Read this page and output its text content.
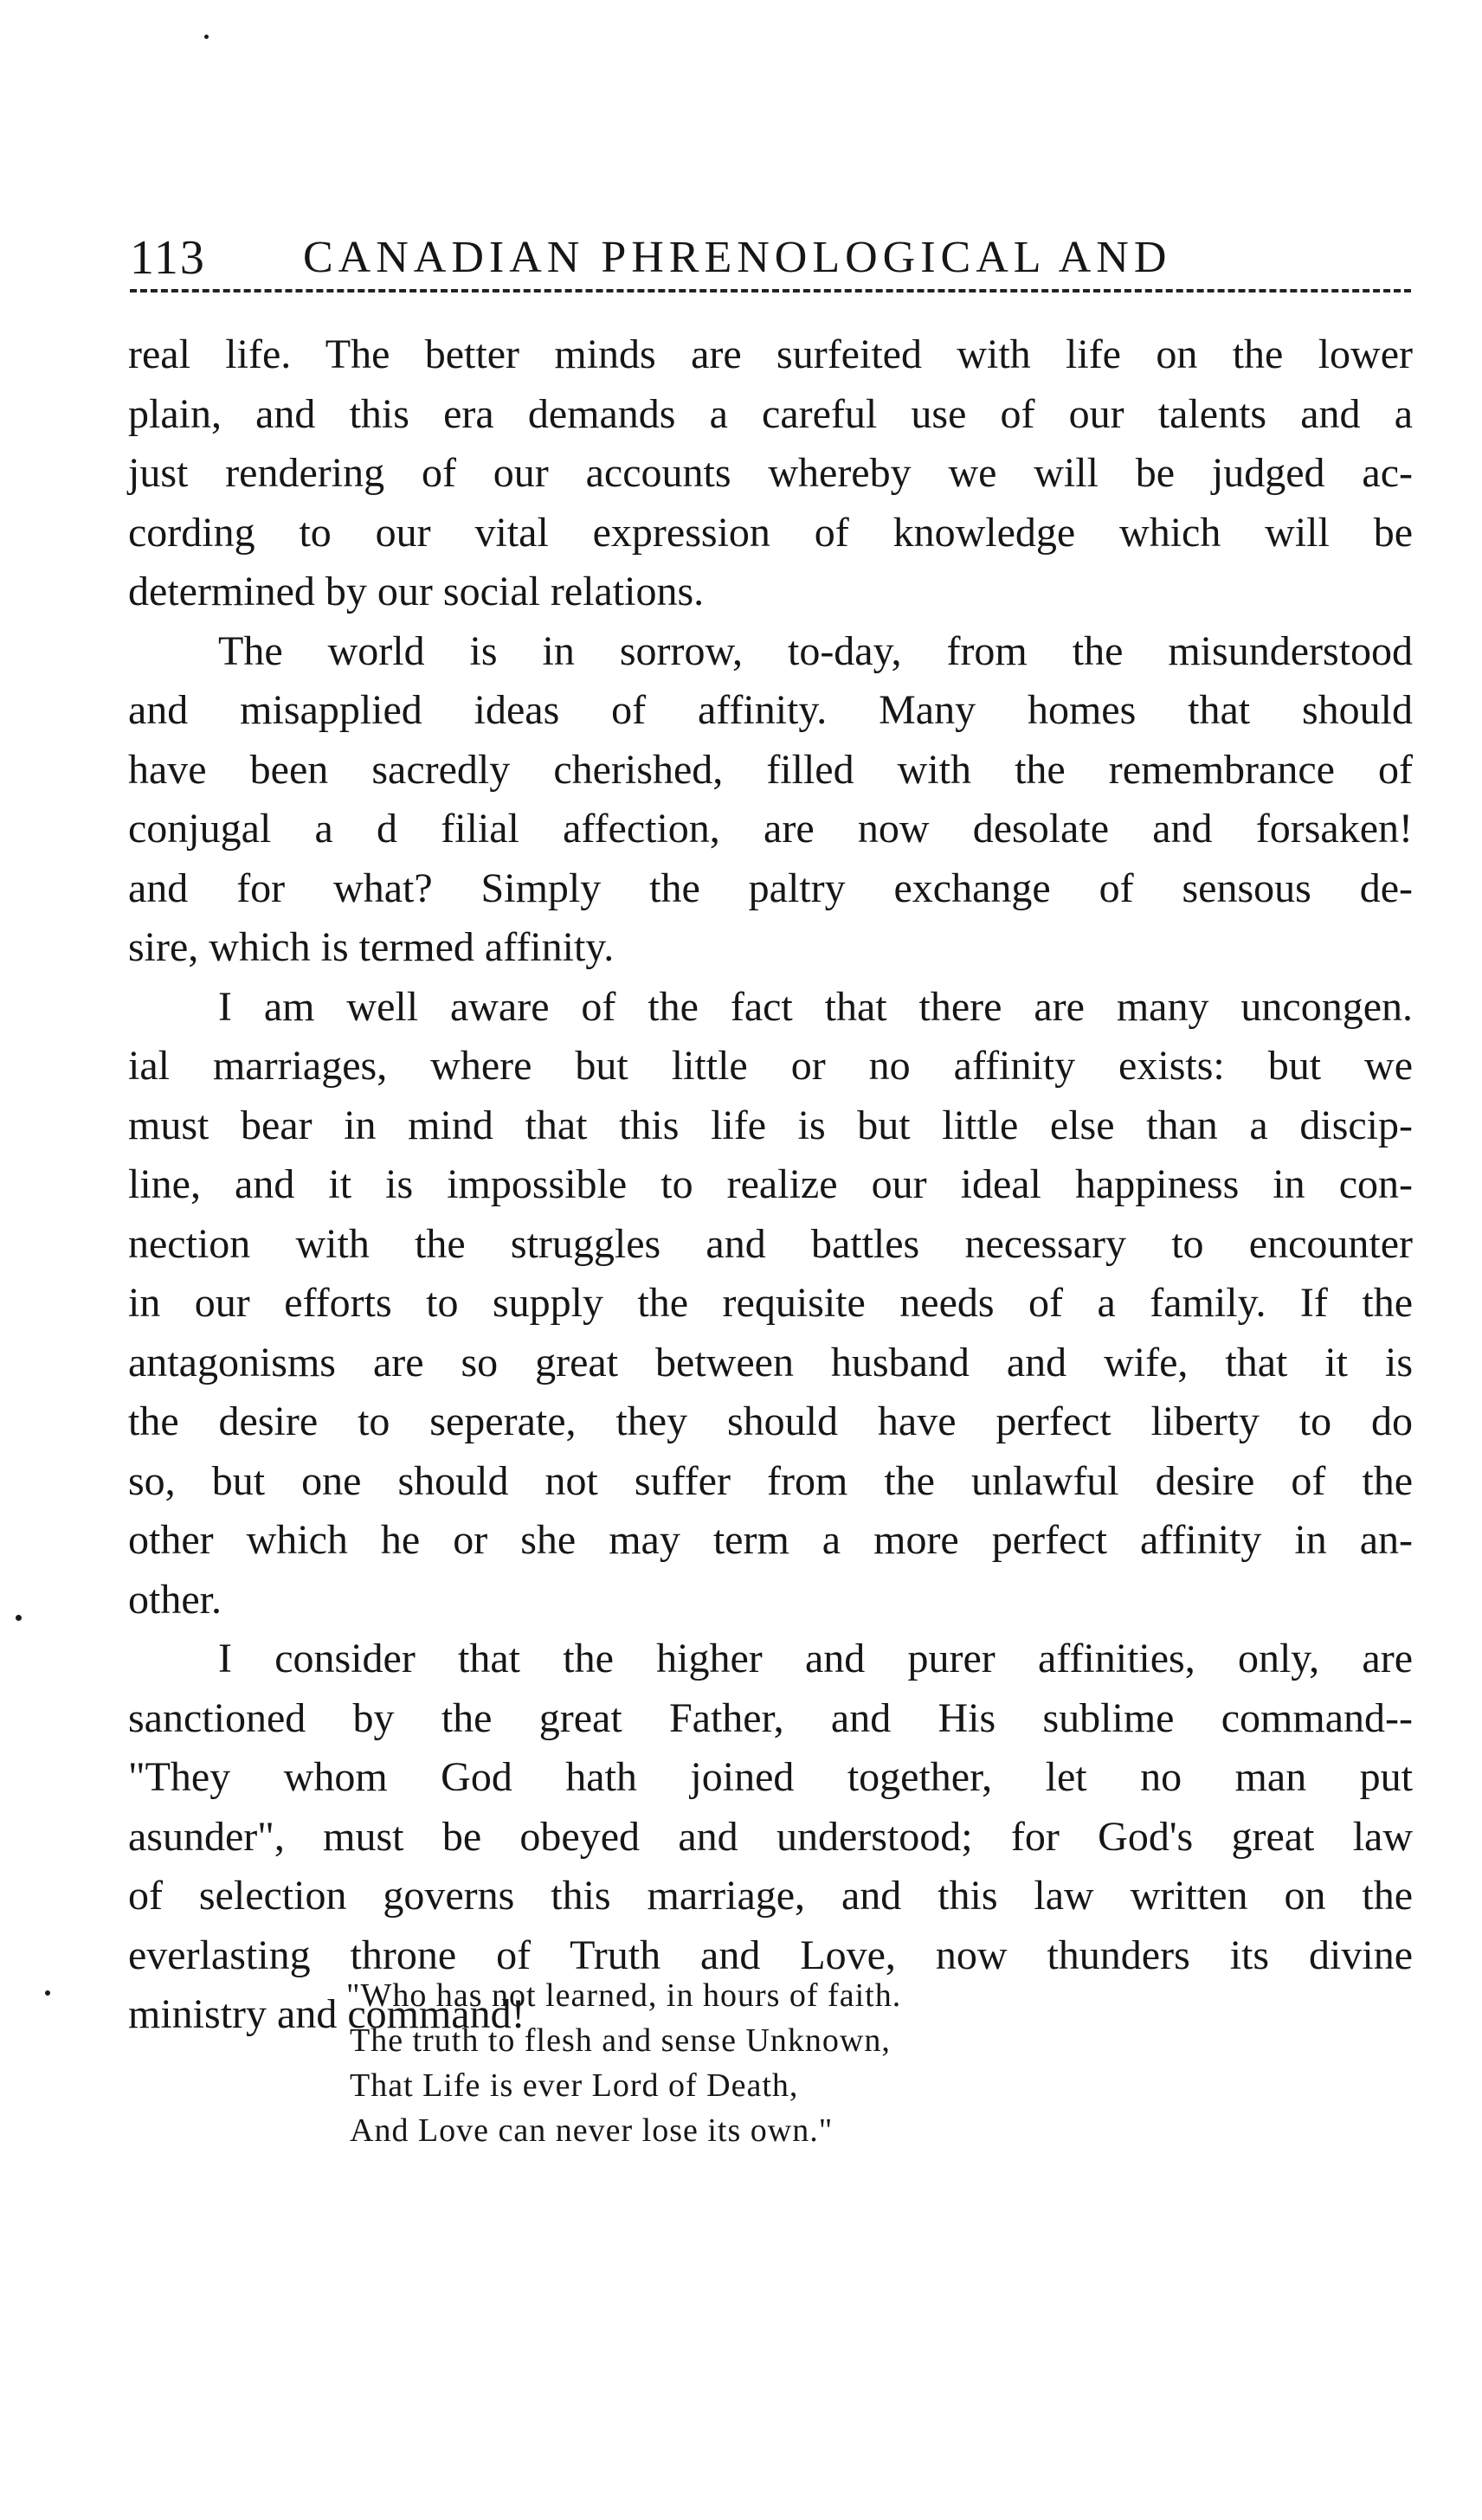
113 CANADIAN PHRENOLOGICAL AND
real life. The better minds are surfeited with life on the lower
plain, and this era demands a careful use of our talents and a
just rendering of our accounts whereby we will be judged ac-
cording to our vital expression of knowledge which will be
determined by our social relations.
The world is in sorrow, to-day, from the misunderstood
and misapplied ideas of affinity. Many homes that should
have been sacredly cherished, filled with the remembrance of
conjugal a d filial affection, are now desolate and forsaken!
and for what? Simply the paltry exchange of sensous de-
sire, which is termed affinity.
I am well aware of the fact that there are many uncongen.
ial marriages, where but little or no affinity exists: but we
must bear in mind that this life is but little else than a discip-
line, and it is impossible to realize our ideal happiness in con-
nection with the struggles and battles necessary to encounter
in our efforts to supply the requisite needs of a family. If the
antagonisms are so great between husband and wife, that it is
the desire to seperate, they should have perfect liberty to do
so, but one should not suffer from the unlawful desire of the
other which he or she may term a more perfect affinity in an-
other.
I consider that the higher and purer affinities, only, are
sanctioned by the great Father, and His sublime command--
"They whom God hath joined together, let no man put
asunder", must be obeyed and understood; for God's great law
of selection governs this marriage, and this law written on the
everlasting throne of Truth and Love, now thunders its divine
ministry and command!
"Who has not learned, in hours of faith.
The truth to flesh and sense Unknown,
That Life is ever Lord of Death,
And Love can never lose its own."
